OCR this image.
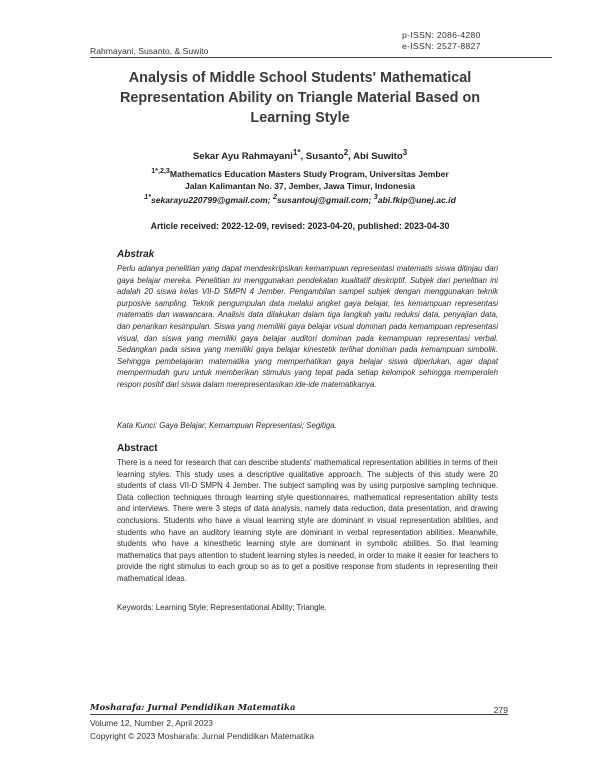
p-ISSN: 2086-4280
e-ISSN: 2527-8827
Rahmayani, Susanto, & Suwito
Analysis of Middle School Students' Mathematical Representation Ability on Triangle Material Based on Learning Style
Sekar Ayu Rahmayani$^{1*}$, Susanto$^2$, Abi Suwito$^3$
$^{1*,2,3}$Mathematics Education Masters Study Program, Universitas Jember
Jalan Kalimantan No. 37, Jember, Jawa Timur, Indonesia
$^{1*}$sekarayu220799@gmail.com; $^2$susantouj@gmail.com; $^3$abi.fkip@unej.ac.id
Article received: 2022-12-09, revised: 2023-04-20, published: 2023-04-30
Abstrak
Perlu adanya penelitian yang dapat mendeskripsikan kemampuan representasi matematis siswa ditinjau dari gaya belajar mereka. Penelitian ini menggunakan pendekatan kualitatif deskriptif. Subjek dari penelitian ini adalah 20 siswa kelas VII-D SMPN 4 Jember. Pengambilan sampel subjek dengan menggunakan teknik purposive sampling. Teknik pengumpulan data melalui angket gaya belajar, tes kemampuan representasi matematis dan wawancara. Analisis data dilakukan dalam tiga langkah yaitu reduksi data, penyajian data, dan penarikan kesimpulan. Siswa yang memiliki gaya belajar visual dominan pada kemampuan representasi visual, dan siswa yang memiliki gaya belajar auditori dominan pada kemampuan representasi verbal. Sedangkan pada siswa yang memiliki gaya belajar kinestetik terlihat dominan pada kemampuan simbolik. Sehingga pembelajaran matematika yang memperhatikan gaya belajar siswa diperlukan, agar dapat mempermudah guru untuk memberikan stimulus yang tepat pada setiap kelompok sehingga memperoleh respon positif dari siswa dalam merepresentasikan ide-ide matematikanya.
Kata Kunci: Gaya Belajar; Kemampuan Representasi; Segitiga.
Abstract
There is a need for research that can describe students' mathematical representation abilities in terms of their learning styles. This study uses a descriptive qualitative approach. The subjects of this study were 20 students of class VII-D SMPN 4 Jember. The subject sampling was by using purposive sampling technique. Data collection techniques through learning style questionnaires, mathematical representation ability tests and interviews. There were 3 steps of data analysis, namely data reduction, data presentation, and drawing conclusions. Students who have a visual learning style are dominant in visual representation abilities, and students who have an auditory learning style are dominant in verbal representation abilities. Meanwhile, students who have a kinesthetic learning style are dominant in symbolic abilities. So that learning mathematics that pays attention to student learning styles is needed, in order to make it easier for teachers to provide the right stimulus to each group so as to get a positive response from students in representing their mathematical ideas.
Keywords: Learning Style; Representational Ability; Triangle.
Mosharafa: Jurnal Pendidikan Matematika	279
Volume 12, Number 2, April 2023
Copyright © 2023 Mosharafa: Jurnal Pendidikan Matematika
